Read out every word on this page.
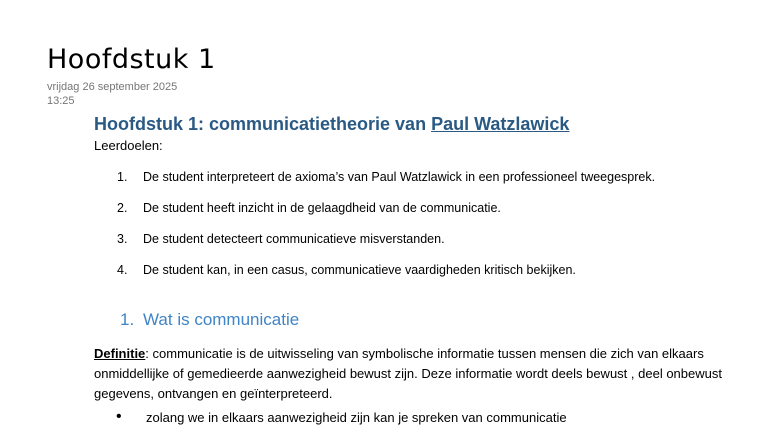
Hoofdstuk 1
vrijdag 26 september 2025
13:25
Hoofdstuk 1: communicatietheorie van Paul Watzlawick
Leerdoelen:
1.	De student interpreteert de axioma’s van Paul Watzlawick in een professioneel tweegesprek.
2.	De student heeft inzicht in de gelaagdheid van de communicatie.
3.	De student detecteert communicatieve misverstanden.
4.	De student kan, in een casus, communicatieve vaardigheden kritisch bekijken.
1. Wat is communicatie
Definitie: communicatie is de uitwisseling van symbolische informatie tussen mensen die zich van elkaars onmiddellijke of gemedieerde aanwezigheid bewust zijn. Deze informatie wordt deels bewust , deel onbewust gegevens, ontvangen en geïnterpreteerd.
•	zolang we in elkaars aanwezigheid zijn kan je spreken van communicatie
